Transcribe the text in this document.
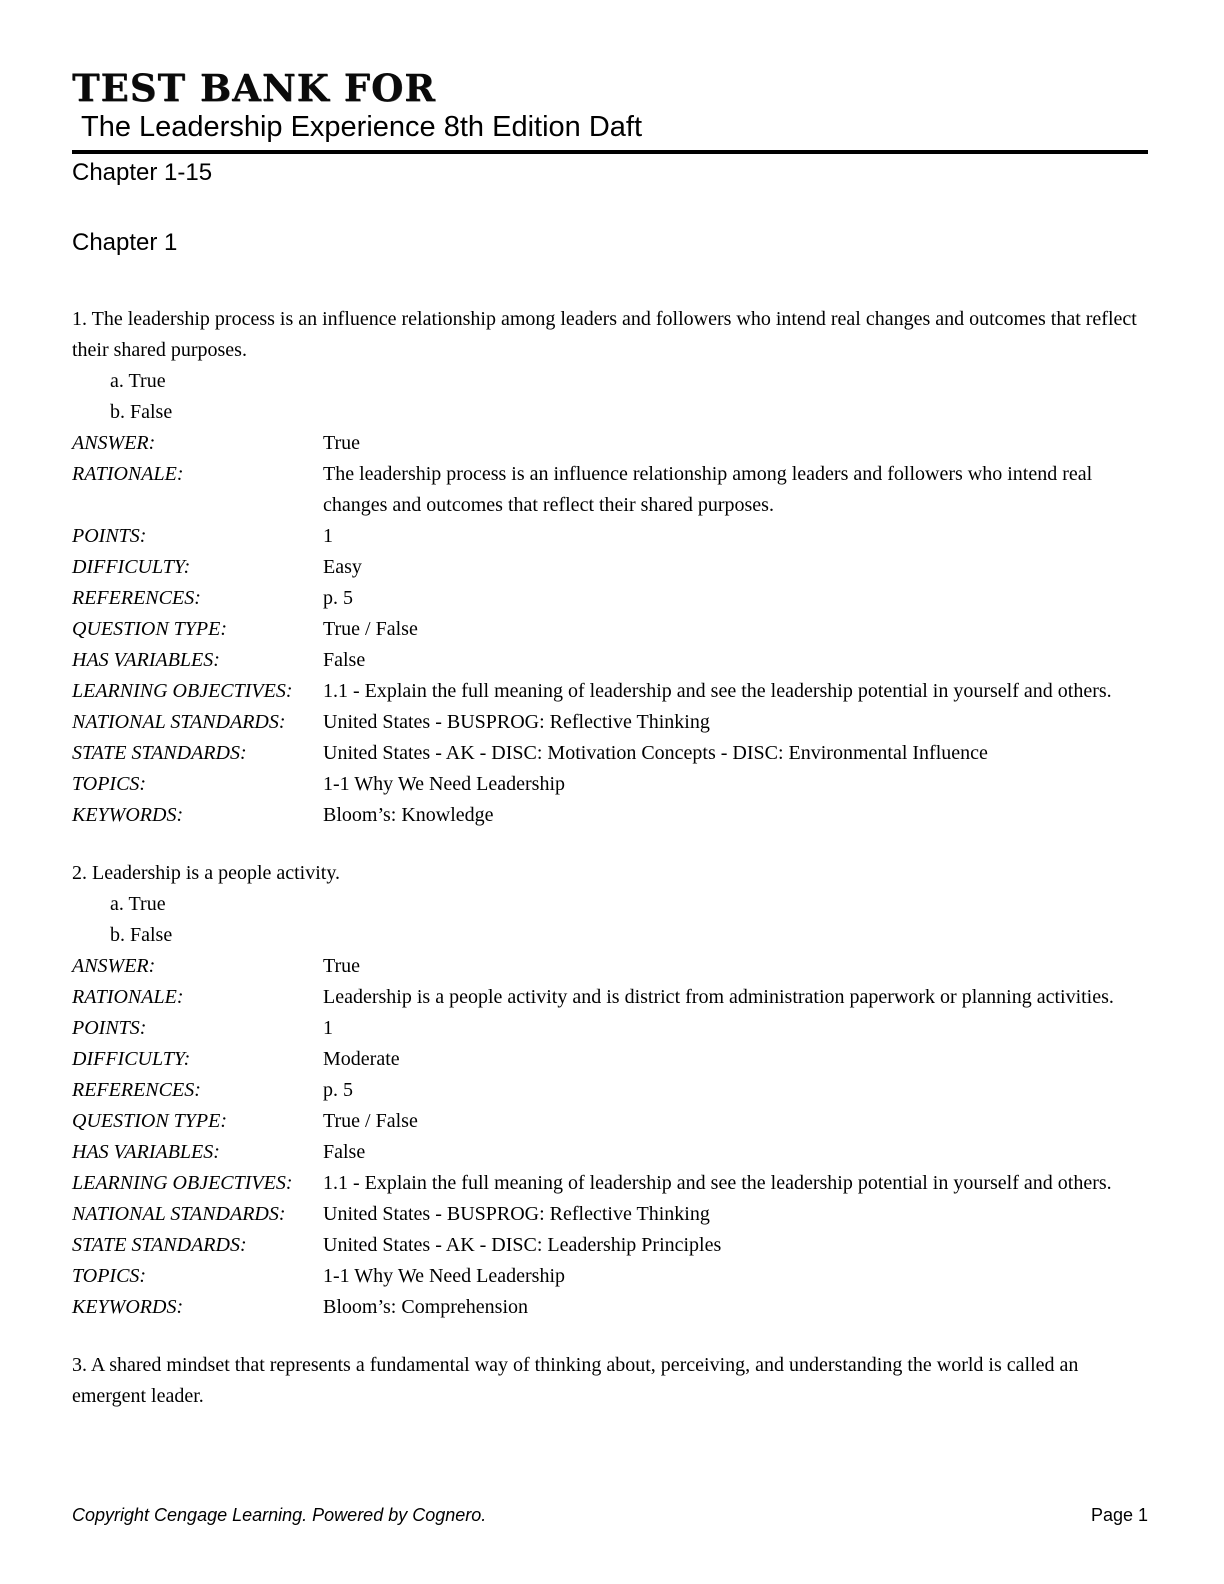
TEST BANK FOR
The Leadership Experience 8th Edition Daft
Chapter 1-15
Chapter 1

1. The leadership process is an influence relationship among leaders and followers who intend real changes and outcomes that reflect their shared purposes.

a. True
b. False
ANSWER:	True
RATIONALE:	The leadership process is an influence relationship among leaders and followers who intend real changes and outcomes that reflect their shared purposes.
POINTS:	1
DIFFICULTY:	Easy
REFERENCES:	p. 5
QUESTION TYPE:	True / False
HAS VARIABLES:	False
LEARNING OBJECTIVES:	1.1 - Explain the full meaning of leadership and see the leadership potential in yourself and others.
NATIONAL STANDARDS:	United States - BUSPROG: Reflective Thinking
STATE STANDARDS:	United States - AK - DISC: Motivation Concepts - DISC: Environmental Influence
TOPICS:	1-1 Why We Need Leadership
KEYWORDS:	Bloom’s: Knowledge

2. Leadership is a people activity.

a. True
b. False
ANSWER:	True
RATIONALE:	Leadership is a people activity and is district from administration paperwork or planning activities.
POINTS:	1
DIFFICULTY:	Moderate
REFERENCES:	p. 5
QUESTION TYPE:	True / False
HAS VARIABLES:	False
LEARNING OBJECTIVES:	1.1 - Explain the full meaning of leadership and see the leadership potential in yourself and others.
NATIONAL STANDARDS:	United States - BUSPROG: Reflective Thinking
STATE STANDARDS:	United States - AK - DISC: Leadership Principles
TOPICS:	1-1 Why We Need Leadership
KEYWORDS:	Bloom’s: Comprehension

3. A shared mindset that represents a fundamental way of thinking about, perceiving, and understanding the world is called an emergent leader.

Copyright Cengage Learning. Powered by Cognero.	Page 1
